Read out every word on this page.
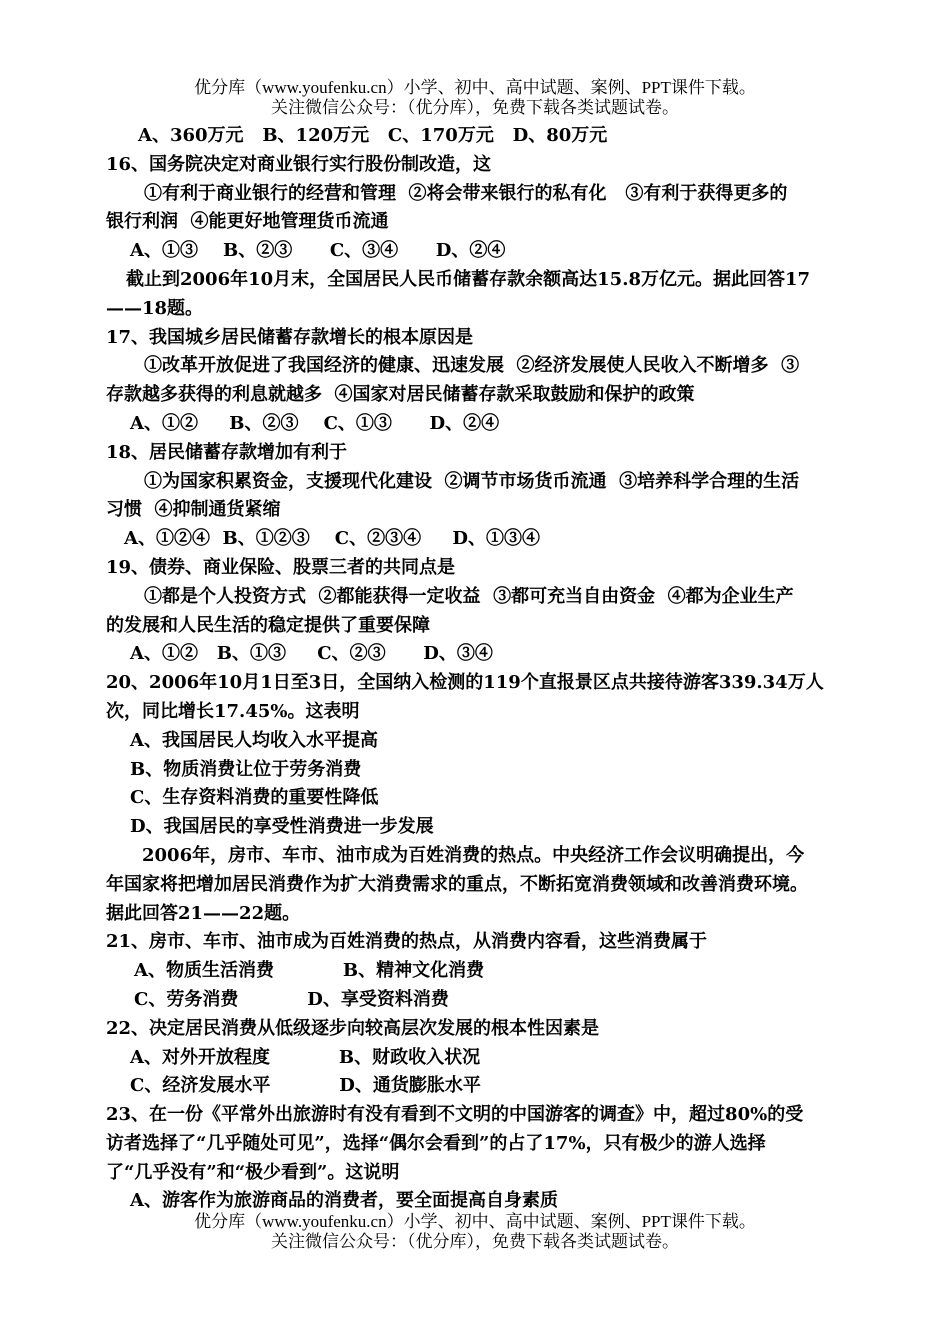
优分库（www.youfenku.cn）小学、初中、高中试题、案例、PPT课件下载。
关注微信公众号：（优分库），免费下载各类试题试卷。
A、360万元   B、120万元   C、170万元   D、80万元
16、国务院决定对商业银行实行股份制改造，这
①有利于商业银行的经营和管理  ②将会带来银行的私有化   ③有利于获得更多的
银行利润  ④能更好地管理货币流通
A、①③    B、②③      C、③④      D、②④
截止到2006年10月末，全国居民人民币储蓄存款余额高达15.8万亿元。据此回答17
——18题。
17、我国城乡居民储蓄存款增长的根本原因是
①改革开放促进了我国经济的健康、迅速发展  ②经济发展使人民收入不断增多  ③
存款越多获得的利息就越多  ④国家对居民储蓄存款采取鼓励和保护的政策
A、①②     B、②③    C、①③      D、②④
18、居民储蓄存款增加有利于
①为国家积累资金，支援现代化建设  ②调节市场货币流通  ③培养科学合理的生活
习惯  ④抑制通货紧缩
A、①②④  B、①②③    C、②③④     D、①③④
19、债券、商业保险、股票三者的共同点是
①都是个人投资方式  ②都能获得一定收益  ③都可充当自由资金  ④都为企业生产
的发展和人民生活的稳定提供了重要保障
A、①②   B、①③     C、②③      D、③④
20、2006年10月1日至3日，全国纳入检测的119个直报景区点共接待游客339.34万人
次，同比增长17.45%。这表明
A、我国居民人均收入水平提高
B、物质消费让位于劳务消费
C、生存资料消费的重要性降低
D、我国居民的享受性消费进一步发展
2006年，房市、车市、油市成为百姓消费的热点。中央经济工作会议明确提出，今
年国家将把增加居民消费作为扩大消费需求的重点，不断拓宽消费领域和改善消费环境。
据此回答21——22题。
21、房市、车市、油市成为百姓消费的热点，从消费内容看，这些消费属于
A、物质生活消费           B、精神文化消费
C、劳务消费           D、享受资料消费
22、决定居民消费从低级逐步向较高层次发展的根本性因素是
A、对外开放程度           B、财政收入状况
C、经济发展水平           D、通货膨胀水平
23、在一份《平常外出旅游时有没有看到不文明的中国游客的调查》中，超过80%的受
访者选择了“几乎随处可见”，选择“偶尔会看到”的占了17%，只有极少的游人选择
了“几乎没有”和“极少看到”。这说明
A、游客作为旅游商品的消费者，要全面提高自身素质
优分库（www.youfenku.cn）小学、初中、高中试题、案例、PPT课件下载。
关注微信公众号：（优分库），免费下载各类试题试卷。
